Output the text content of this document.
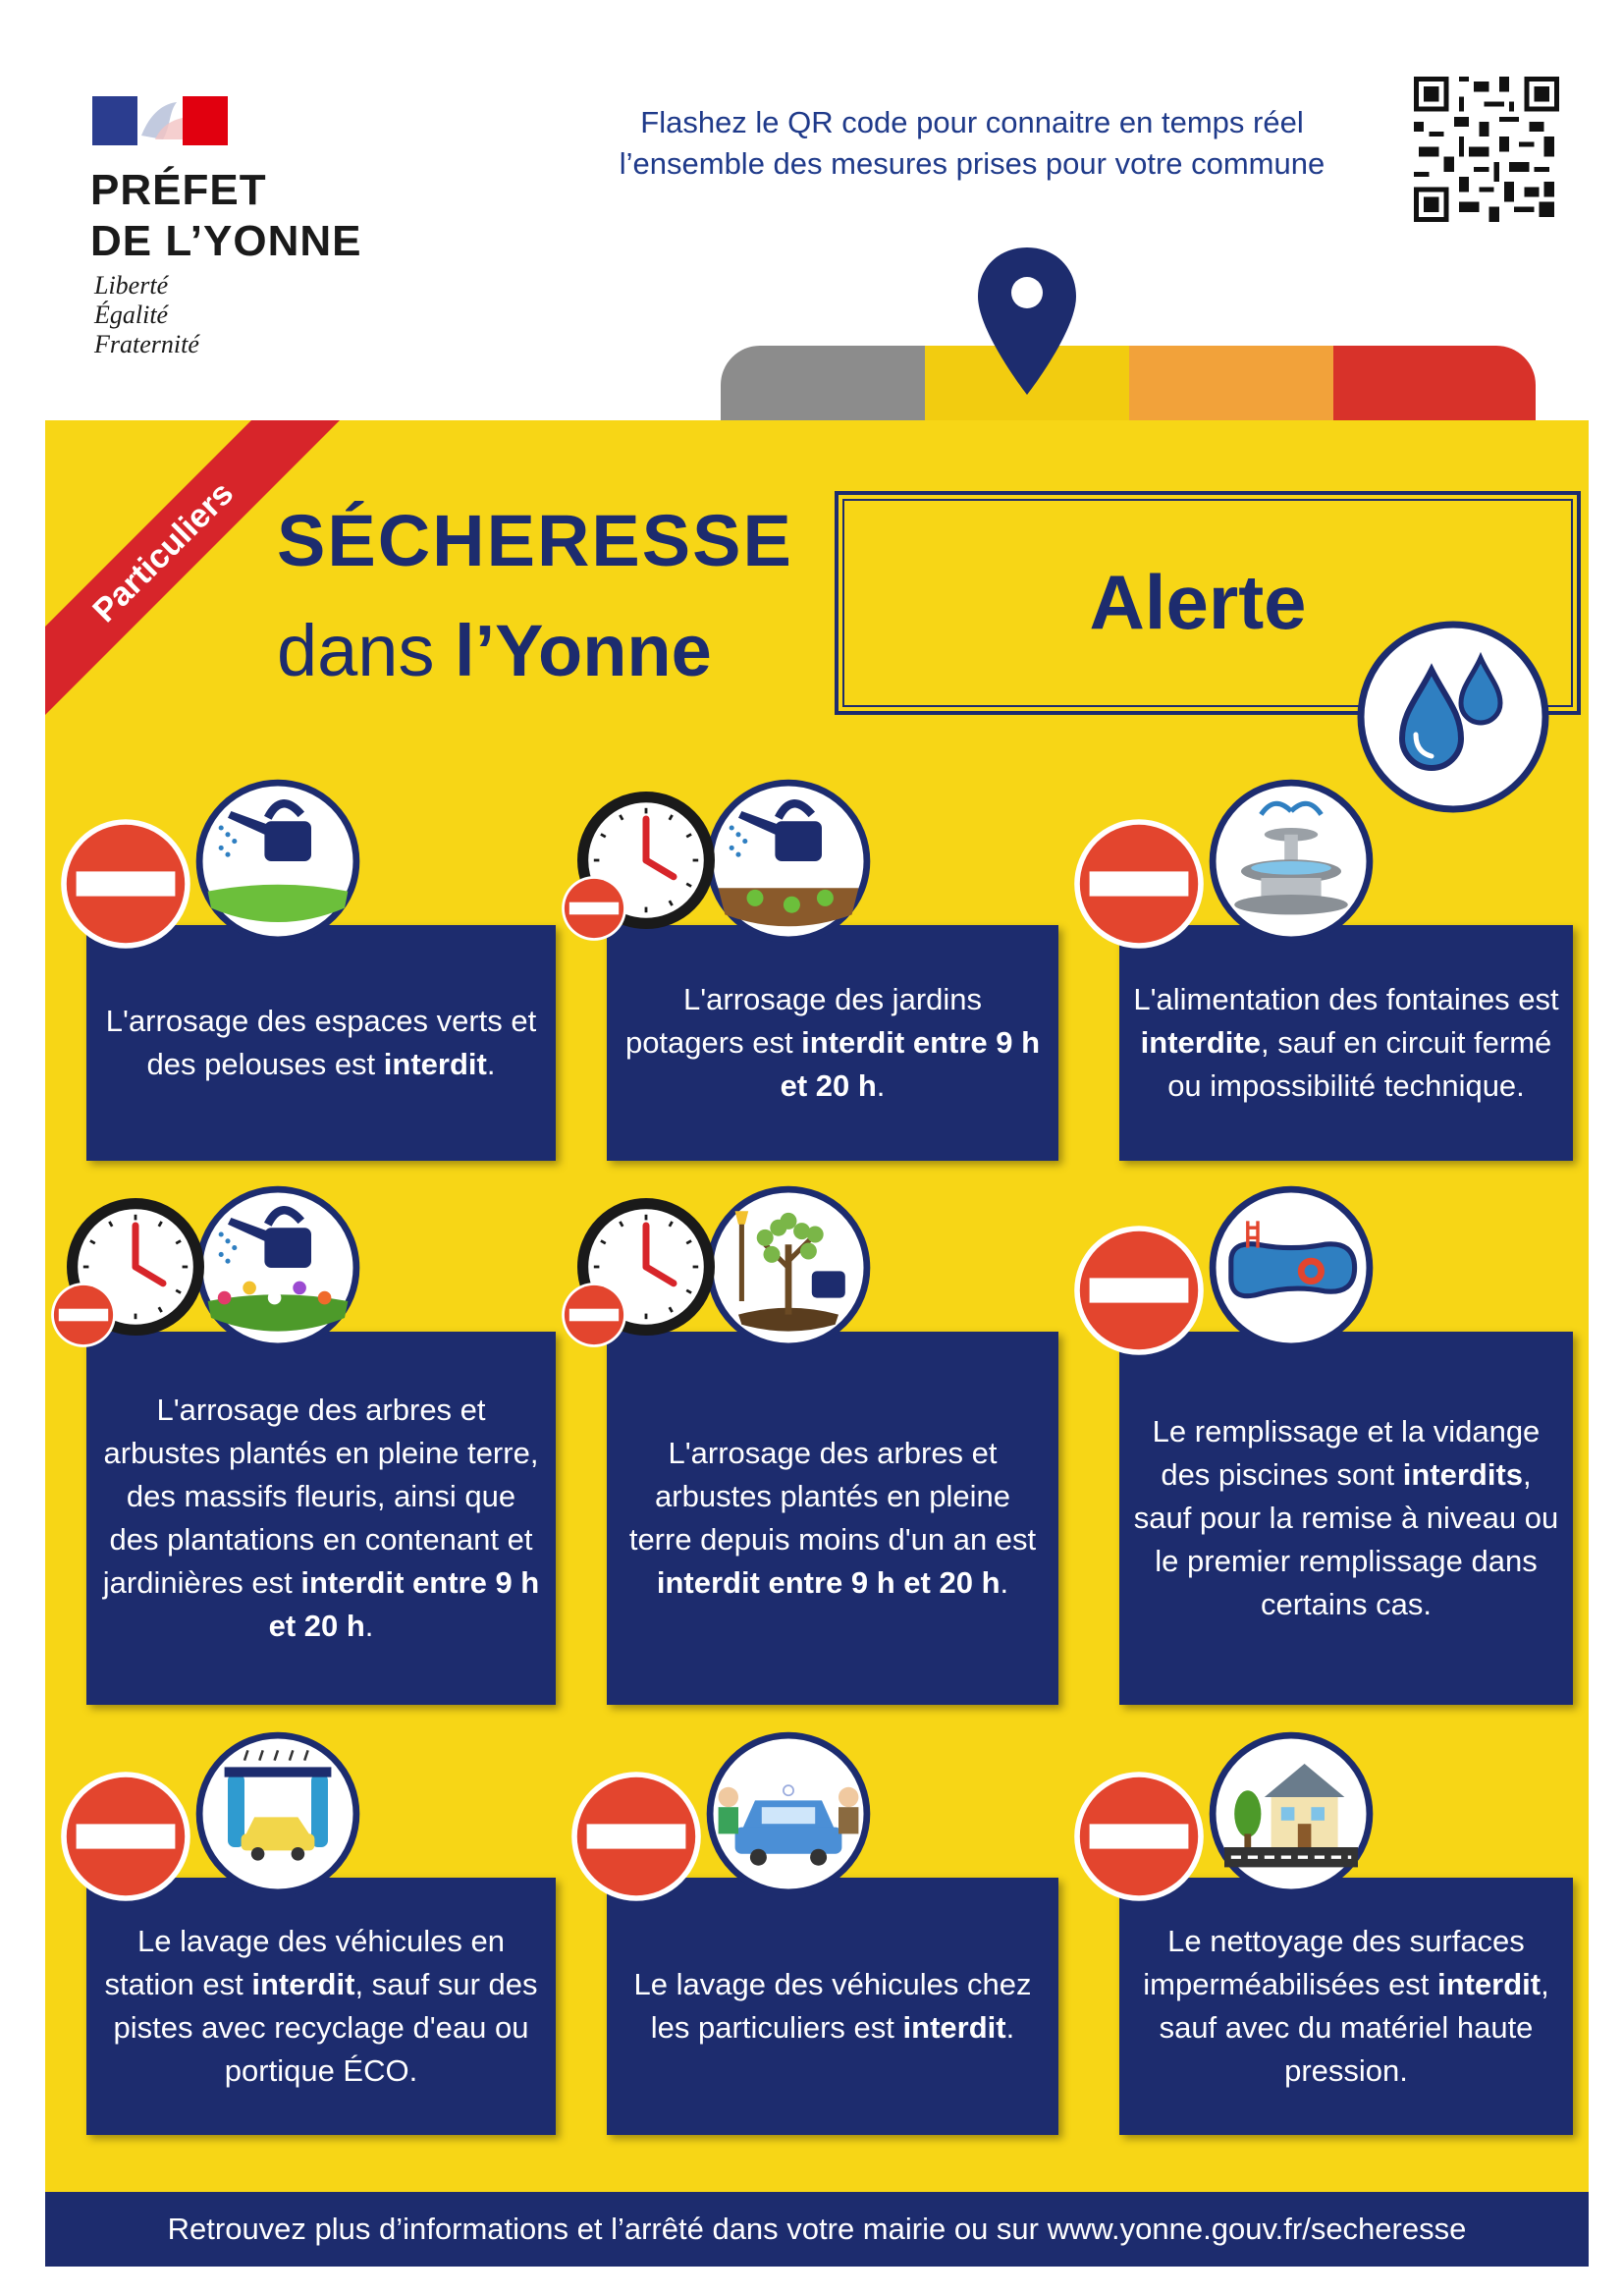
PRÉFET
DE L’YONNE
Liberté
Égalité
Fraternité
Flashez le QR code pour connaitre en temps réel
l’ensemble des mesures prises pour votre commune
Particuliers SÉCHERESSE
dans l’Yonne
Alerte
L'arrosage des espaces verts et des pelouses est interdit.
L'arrosage des jardins potagers est interdit entre 9 h et 20 h.
L'alimentation des fontaines est interdite, sauf en circuit fermé ou impossibilité technique.
L'arrosage des arbres et arbustes plantés en pleine terre, des massifs fleuris, ainsi que des plantations en contenant et jardinières est interdit entre 9 h et 20 h.
L'arrosage des arbres et arbustes plantés en pleine terre depuis moins d'un an est interdit entre 9 h et 20 h.
Le remplissage et la vidange des piscines sont interdits, sauf pour la remise à niveau ou le premier remplissage dans certains cas.
Le lavage des véhicules en station est interdit, sauf sur des pistes avec recyclage d'eau ou portique ÉCO.
Le lavage des véhicules chez les particuliers est interdit.
Le nettoyage des surfaces imperméabilisées est interdit, sauf avec du matériel haute pression.
Retrouvez plus d’informations et l’arrêté dans votre mairie ou sur www.yonne.gouv.fr/secheresse
